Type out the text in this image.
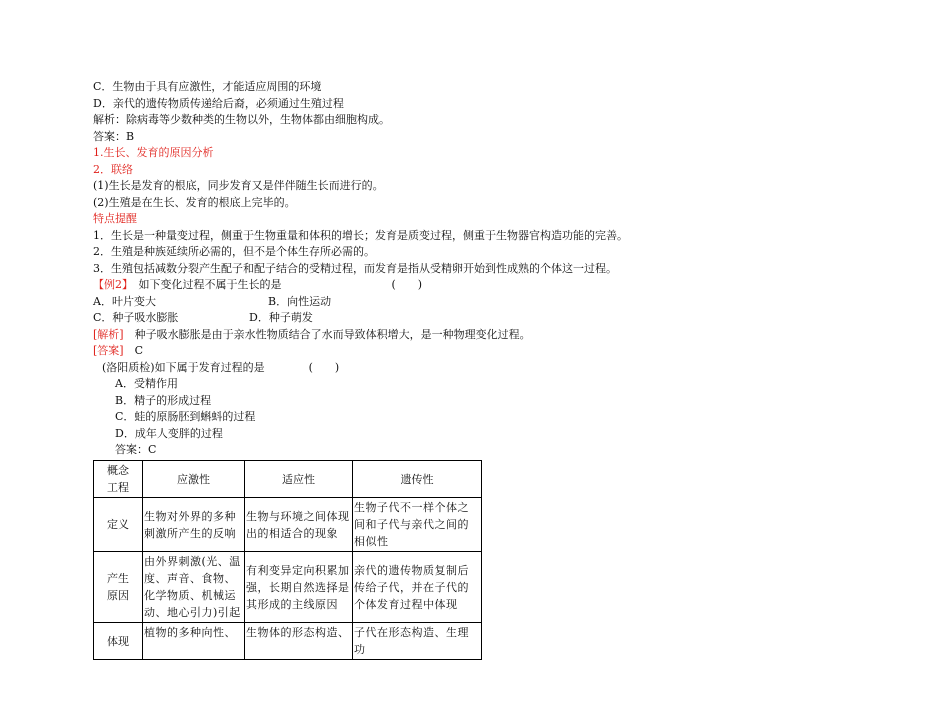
C．生物由于具有应激性，才能适应周围的环境
D．亲代的遗传物质传递给后裔，必须通过生殖过程
解析：除病毒等少数种类的生物以外，生物体都由细胞构成。
答案：B
1.生长、发育的原因分析
2．联络
(1)生长是发育的根底，同步发育又是伴伴随生长而进行的。
(2)生殖是在生长、发育的根底上完毕的。
特点提醒
1．生长是一种量变过程，侧重于生物重量和体积的增长；发育是质变过程，侧重于生物器官构造功能的完善。
2．生殖是种族延续所必需的，但不是个体生存所必需的。
3．生殖包括减数分裂产生配子和配子结合的受精过程，而发育是指从受精卵开始到性成熟的个体这一过程。
【例2】　如下变化过程不属于生长的是　　　　　　　　　　(　　)
A．叶片变大	B．向性运动
C．种子吸水膨胀	D．种子萌发
[解析]　种子吸水膨胀是由于亲水性物质结合了水而导致体积增大，是一种物理变化过程。
[答案]　C
(洛阳质检)如下属于发育过程的是　　　　(　　)
A．受精作用
B．精子的形成过程
C．蛙的原肠胚到蝌蚪的过程
D．成年人变胖的过程
答案：C
概念
工程	应激性	适应性	遗传性
定义	生物对外界的多种刺激所产生的反响	生物与环境之间体现出的相适合的现象	生物子代不一样个体之间和子代与亲代之间的相似性
产生
原因	由外界刺激(光、温度、声音、食物、化学物质、机械运动、地心引力)引起	有利变异定向积累加强，长期自然选择是其形成的主线原因	亲代的遗传物质复制后传给子代，并在子代的个体发育过程中体现
体现	植物的多种向性、	生物体的形态构造、	子代在形态构造、生理功
